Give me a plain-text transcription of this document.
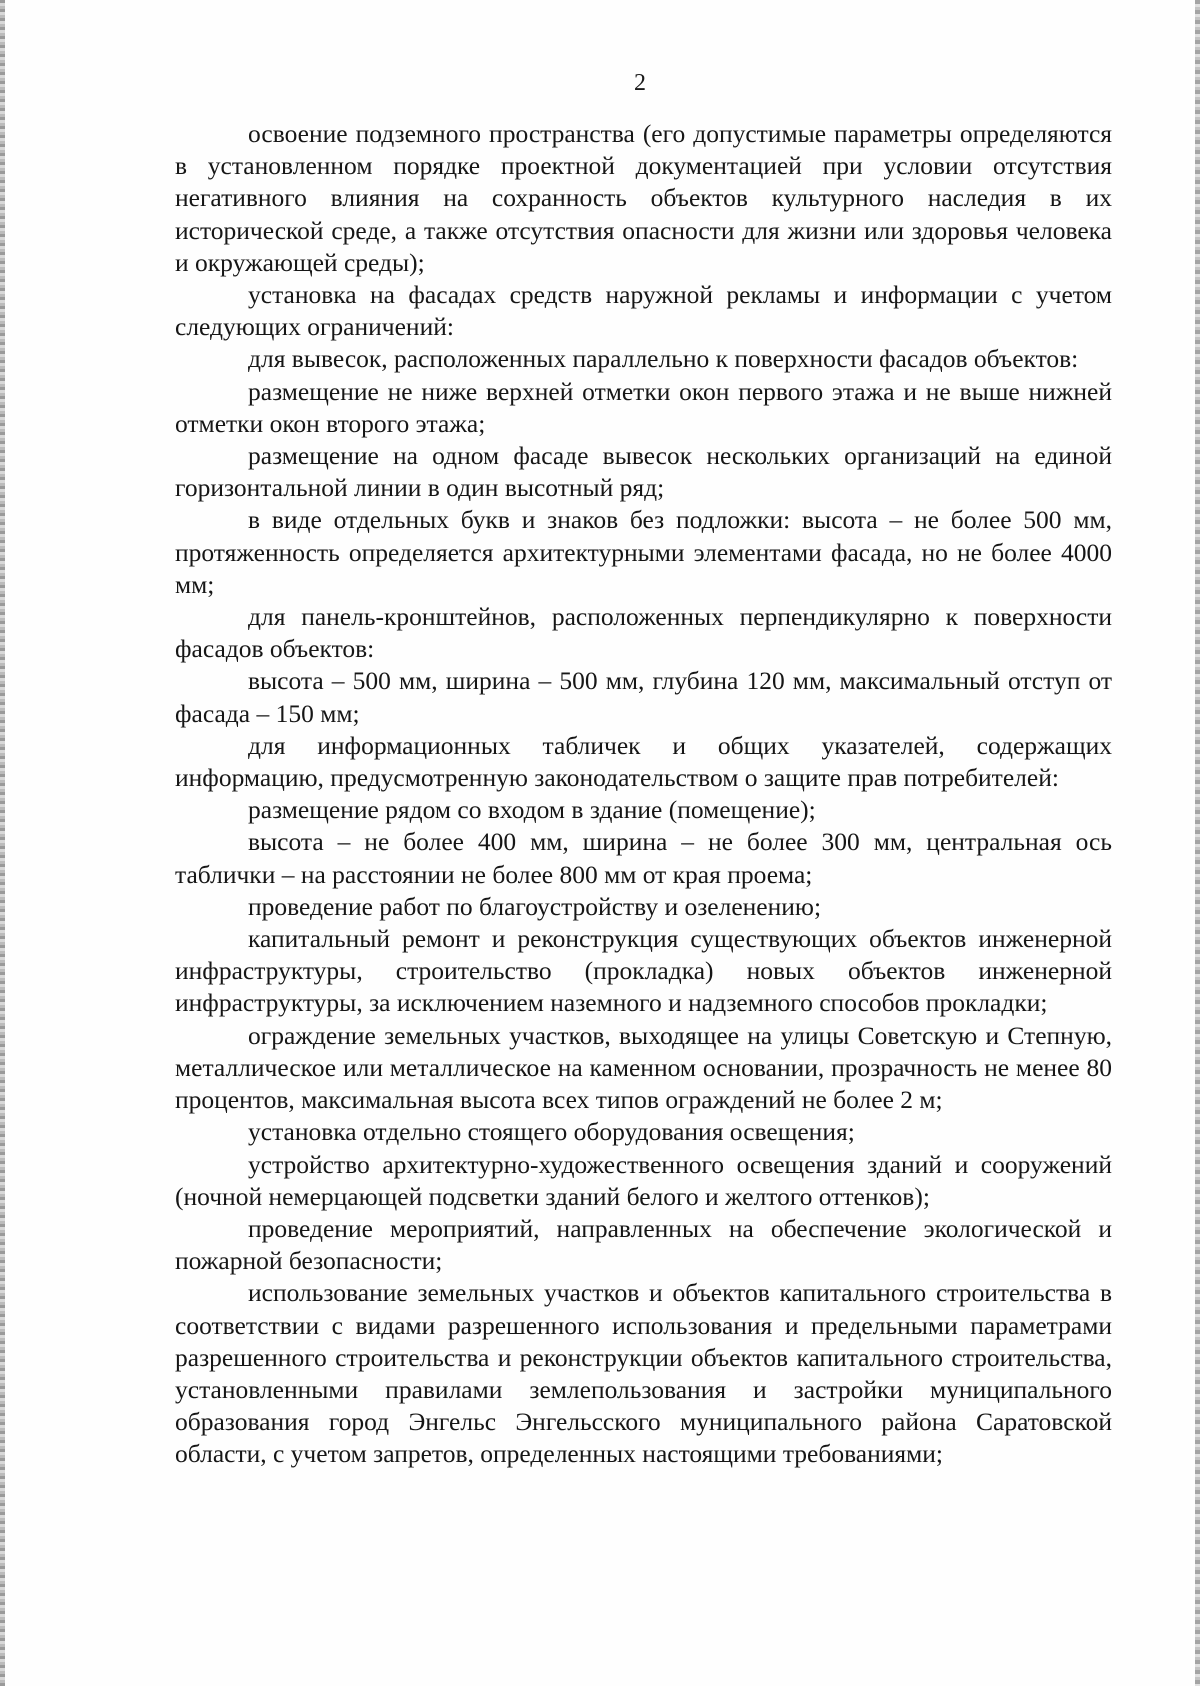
2

освоение подземного пространства (его допустимые параметры определяются в установленном порядке проектной документацией при условии отсутствия негативного влияния на сохранность объектов культурного наследия в их исторической среде, а также отсутствия опасности для жизни или здоровья человека и окружающей среды);

установка на фасадах средств наружной рекламы и информации с учетом следующих ограничений:

для вывесок, расположенных параллельно к поверхности фасадов объектов:

размещение не ниже верхней отметки окон первого этажа и не выше нижней отметки окон второго этажа;

размещение на одном фасаде вывесок нескольких организаций на единой горизонтальной линии в один высотный ряд;

в виде отдельных букв и знаков без подложки: высота – не более 500 мм, протяженность определяется архитектурными элементами фасада, но не более 4000 мм;

для панель-кронштейнов, расположенных перпендикулярно к поверхности фасадов объектов:

высота – 500 мм, ширина – 500 мм, глубина 120 мм, максимальный отступ от фасада – 150 мм;

для информационных табличек и общих указателей, содержащих информацию, предусмотренную законодательством о защите прав потребителей:

размещение рядом со входом в здание (помещение);

высота – не более 400 мм, ширина – не более 300 мм, центральная ось таблички – на расстоянии не более 800 мм от края проема;

проведение работ по благоустройству и озеленению;

капитальный ремонт и реконструкция существующих объектов инженерной инфраструктуры, строительство (прокладка) новых объектов инженерной инфраструктуры, за исключением наземного и надземного способов прокладки;

ограждение земельных участков, выходящее на улицы Советскую и Степную, металлическое или металлическое на каменном основании, прозрачность не менее 80 процентов, максимальная высота всех типов ограждений не более 2 м;

установка отдельно стоящего оборудования освещения;

устройство архитектурно-художественного освещения зданий и сооружений (ночной немерцающей подсветки зданий белого и желтого оттенков);

проведение мероприятий, направленных на обеспечение экологической и пожарной безопасности;

использование земельных участков и объектов капитального строительства в соответствии с видами разрешенного использования и предельными параметрами разрешенного строительства и реконструкции объектов капитального строительства, установленными правилами землепользования и застройки муниципального образования город Энгельс Энгельсского муниципального района Саратовской области, с учетом запретов, определенных настоящими требованиями;
